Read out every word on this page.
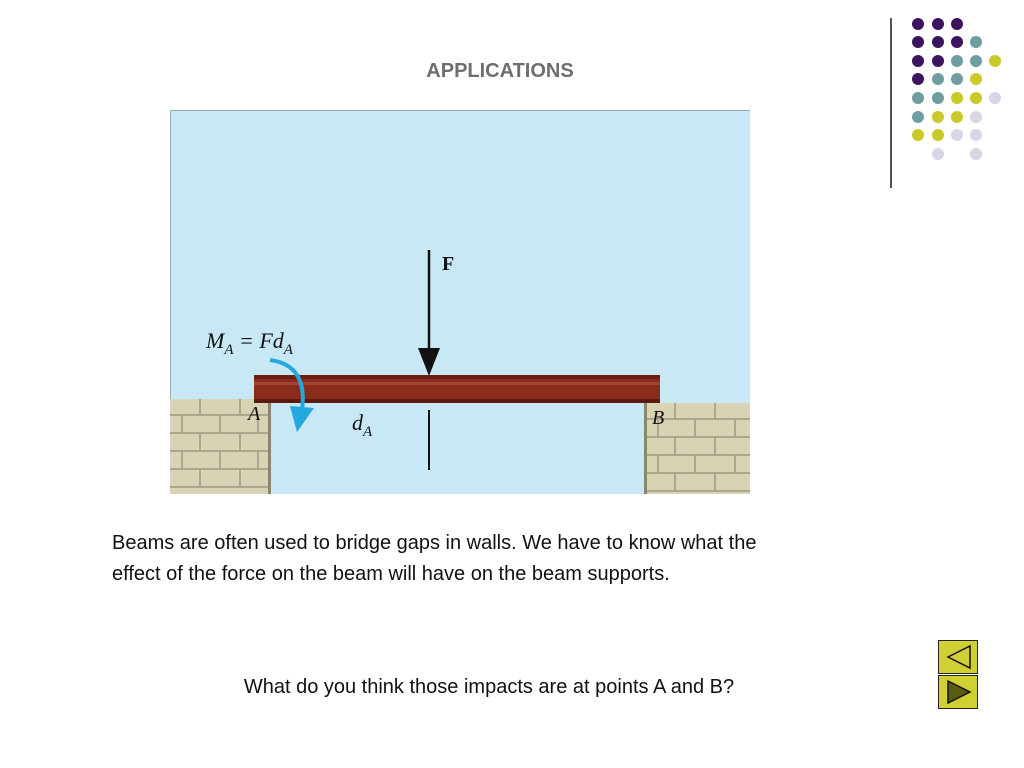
APPLICATIONS
F
$M_A = Fd_A$
A	B
$d_A$
Beams are often used to bridge gaps in walls. We have to know what the effect of the force on the beam will have on the beam supports.
What do you think those impacts are at points A and B?
